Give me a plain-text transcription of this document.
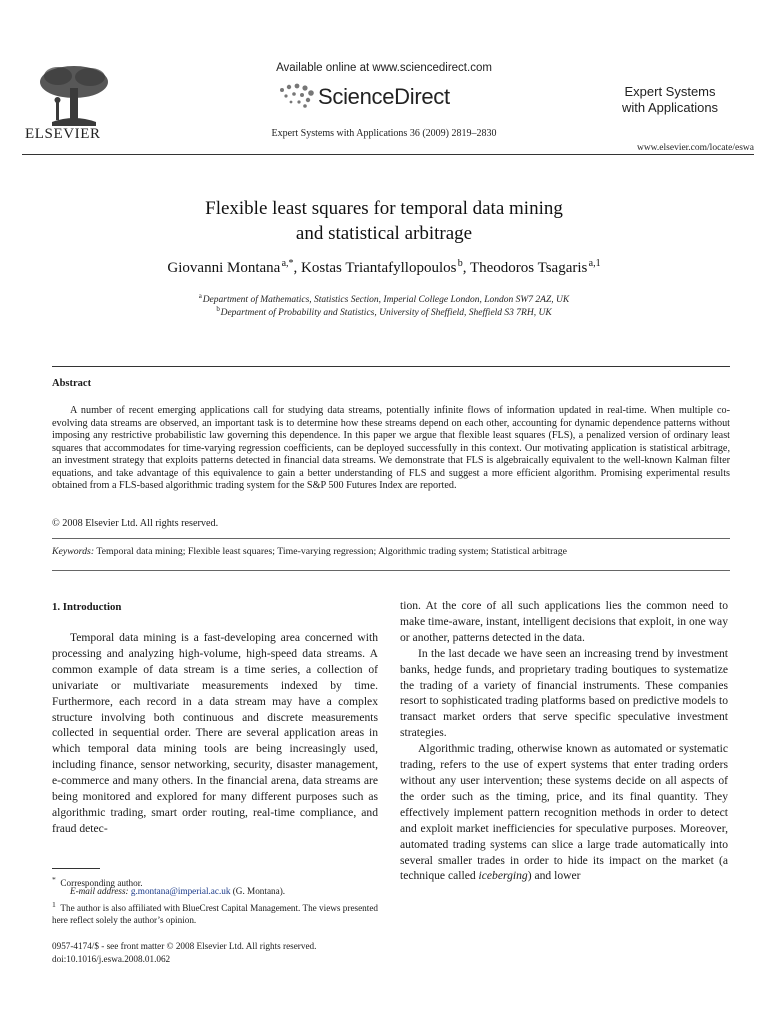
ELSEVIER
Available online at www.sciencedirect.com
ScienceDirect
Expert Systems with Applications 36 (2009) 2819–2830
Expert Systems
with Applications
www.elsevier.com/locate/eswa
Flexible least squares for temporal data mining
and statistical arbitrage
Giovanni Montana $^{a,*}$, Kostas Triantafyllopoulos $^b$, Theodoros Tsagaris $^{a,1}$
$^a$ Department of Mathematics, Statistics Section, Imperial College London, London SW7 2AZ, UK
$^b$ Department of Probability and Statistics, University of Sheffield, Sheffield S3 7RH, UK
Abstract

A number of recent emerging applications call for studying data streams, potentially infinite flows of information updated in real-time. When multiple co-evolving data streams are observed, an important task is to determine how these streams depend on each other, accounting for dynamic dependence patterns without imposing any restrictive probabilistic law governing this dependence. In this paper we argue that flexible least squares (FLS), a penalized version of ordinary least squares that accommodates for time-varying regression coefficients, can be deployed successfully in this context. Our motivating application is statistical arbitrage, an investment strategy that exploits patterns detected in financial data streams. We demonstrate that FLS is algebraically equivalent to the well-known Kalman filter equations, and take advantage of this equivalence to gain a better understanding of FLS and suggest a more efficient algorithm. Promising experimental results obtained from a FLS-based algorithmic trading system for the S&P 500 Futures Index are reported.

© 2008 Elsevier Ltd. All rights reserved.
Keywords: Temporal data mining; Flexible least squares; Time-varying regression; Algorithmic trading system; Statistical arbitrage
1. Introduction

Temporal data mining is a fast-developing area concerned with processing and analyzing high-volume, high-speed data streams. A common example of data stream is a time series, a collection of univariate or multivariate measurements indexed by time. Furthermore, each record in a data stream may have a complex structure involving both continuous and discrete measurements collected in sequential order. There are several application areas in which temporal data mining tools are being increasingly used, including finance, sensor networking, security, disaster management, e-commerce and many others. In the financial arena, data streams are being monitored and explored for many different purposes such as algorithmic trading, smart order routing, real-time compliance, and fraud detec-

tion. At the core of all such applications lies the common need to make time-aware, instant, intelligent decisions that exploit, in one way or another, patterns detected in the data.

In the last decade we have seen an increasing trend by investment banks, hedge funds, and proprietary trading boutiques to systematize the trading of a variety of financial instruments. These companies resort to sophisticated trading platforms based on predictive models to transact market orders that serve specific speculative investment strategies.

Algorithmic trading, otherwise known as automated or systematic trading, refers to the use of expert systems that enter trading orders without any user intervention; these systems decide on all aspects of the order such as the timing, price, and its final quantity. They effectively implement pattern recognition methods in order to detect and exploit market inefficiencies for speculative purposes. Moreover, automated trading systems can slice a large trade automatically into several smaller trades in order to hide its impact on the market (a technique called iceberging) and lower

* Corresponding author.
E-mail address: g.montana@imperial.ac.uk (G. Montana).
$^1$ The author is also affiliated with BlueCrest Capital Management. The views presented here reflect solely the author’s opinion.
0957-4174/$ - see front matter © 2008 Elsevier Ltd. All rights reserved.
doi:10.1016/j.eswa.2008.01.062
